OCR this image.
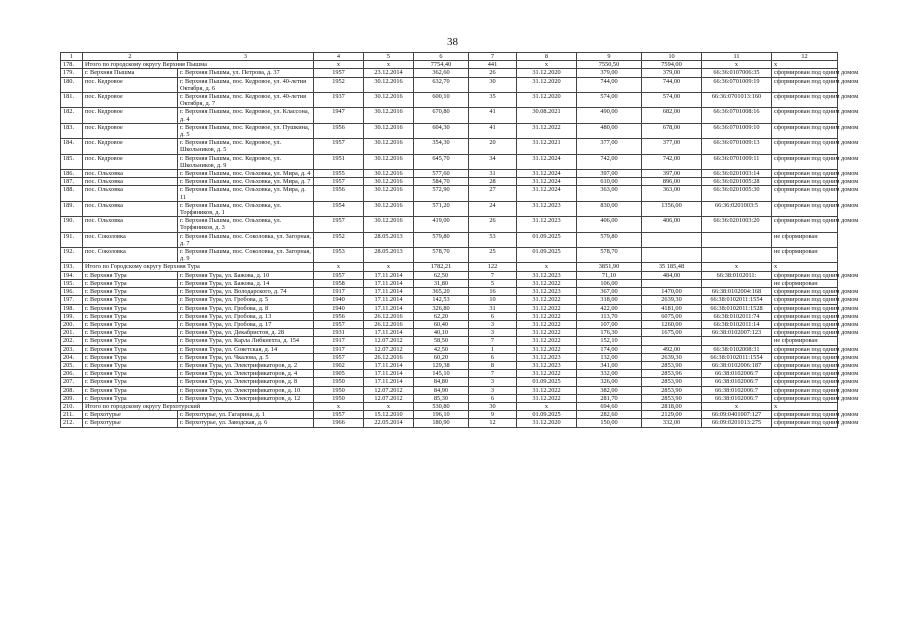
38
1	2	3	4	5	6	7	8	9	10	11	12
178.	Итого по городскому округу Верхняя Пышма		х	х	7754,40	441	х	7550,50	7594,00	х	х
179.	г. Верхняя Пышма	г. Верхняя Пышма, ул. Петрова, д. 37	1957	23.12.2014	362,60	26	31.12.2020	379,00	379,00	66:36:0107006:35	сформирован под одним домом
180.	пос. Кедровое	г. Верхняя Пышма, пос. Кедровое, ул. 40-летия Октября, д. 6	1952	30.12.2016	632,70	30	31.12.2020	744,00	744,00	66:36:0701009:19	сформирован под одним домом
181.	пос. Кедровое	г. Верхняя Пышма, пос. Кедровое, ул. 40-летия Октября, д. 7	1937	30.12.2016	600,10	35	31.12.2020	574,00	574,00	66:36:0701013:160	сформирован под одним домом
182.	пос. Кедровое	г. Верхняя Пышма, пос. Кедровое, ул. Классона, д. 4	1947	30.12.2016	670,80	41	30.08.2021	490,00	682,00	66:36:0701008:16	сформирован под одним домом
183.	пос. Кедровое	г. Верхняя Пышма, пос. Кедровое, ул. Пушкина, д. 5	1956	30.12.2016	604,30	41	31.12.2022	480,00	678,00	66:36:0701009:10	сформирован под одним домом
184.	пос. Кедровое	г. Верхняя Пышма, пос. Кедровое, ул. Школьников, д. 5	1957	30.12.2016	354,30	20	31.12.2021	377,00	377,00	66:36:0701009:13	сформирован под одним домом
185.	пос. Кедровое	г. Верхняя Пышма, пос. Кедровое, ул. Школьников, д. 9	1951	30.12.2016	645,70	34	31.12.2024	742,00	742,00	66:36:0701009:11	сформирован под одним домом
186.	пос. Ольховка	г. Верхняя Пышма, пос. Ольховка, ул. Мира, д. 4	1955	30.12.2016	577,60	31	31.12.2024	397,00	397,00	66:36:0201003:14	сформирован под одним домом
187.	пос. Ольховка	г. Верхняя Пышма, пос. Ольховка, ул. Мира, д. 7	1957	30.12.2016	584,70	28	31.12.2024	610,00	896,00	66:36:0201005:28	сформирован под одним домом
188.	пос. Ольховка	г. Верхняя Пышма, пос. Ольховка, ул. Мира, д. 11	1956	30.12.2016	572,90	27	31.12.2024	363,00	363,00	66:36:0201005:30	сформирован под одним домом
189.	пос. Ольховка	г. Верхняя Пышма, пос. Ольховка, ул. Торфяников, д. 1	1954	30.12.2016	571,20	24	31.12.2023	830,00	1356,00	66:36:0201003:5	сформирован под одним домом
190.	пос. Ольховка	г. Верхняя Пышма, пос. Ольховка, ул. Торфяников, д. 3	1957	30.12.2016	419,00	26	31.12.2023	406,00	406,00	66:36:0201003:20	сформирован под одним домом
191.	пос. Соколовка	г. Верхняя Пышма, пос. Соколовка, ул. Загорная, д. 7	1952	28.05.2013	579,80	53	01.09.2025	579,80			не сформирован
192.	пос. Соколовка	г. Верхняя Пышма, пос. Соколовка, ул. Загорная, д. 9	1953	28.05.2013	578,70	25	01.09.2025	578,70			не сформирован
193.	Итого по Городскому округу Верхняя Тура		х	х	1782,21	122	х	3851,90	35 185,48	х	х
194.	г. Верхняя Тура	г. Верхняя Тура, ул. Бажова, д. 10	1957	17.11.2014	62,50	7	31.12.2023	71,10	484,00	66:38:0102011:	сформирован под одним домом
195.	г. Верхняя Тура	г. Верхняя Тура, ул. Бажова, д. 14	1958	17.11.2014	31,80	5	31.12.2022	106,00			не сформирован
196.	г. Верхняя Тура	г. Верхняя Тура, ул. Володарского, д. 74	1917	17.11.2014	365,20	16	31.12.2023	367,00	1470,00	66:38:0102004:168	сформирован под одним домом
197.	г. Верхняя Тура	г. Верхняя Тура, ул. Гробова, д. 5	1940	17.11.2014	142,53	10	31.12.2022	318,00	2639,30	66:38:0102011:1554	сформирован под одним домом
198.	г. Верхняя Тура	г. Верхняя Тура, ул. Гробова, д. 8	1940	17.11.2014	326,80	31	31.12.2022	422,00	4181,00	66:38:0102011:1528	сформирован под одним домом
199.	г. Верхняя Тура	г. Верхняя Тура, ул. Гробова, д. 13	1956	26.12.2016	62,20	6	31.12.2022	113,70	6075,00	66:38:0102011:74	сформирован под одним домом
200.	г. Верхняя Тура	г. Верхняя Тура, ул. Гробова, д. 17	1957	26.12.2016	60,40	3	31.12.2022	107,00	1260,00	66:38:0102011:14	сформирован под одним домом
201.	г. Верхняя Тура	г. Верхняя Тура, ул. Декабристов, д. 28	1931	17.11.2014	40,10	3	31.12.2022	176,30	1675,00	66:38:0102007:123	сформирован под одним домом
202.	г. Верхняя Тура	г. Верхняя Тура, ул. Карла Либкнехта, д. 154	1917	12.07.2012	58,50	7	31.12.2022	152,10			не сформирован
203.	г. Верхняя Тура	г. Верхняя Тура, ул. Советская, д. 14	1917	12.07.2012	42,50	1	31.12.2022	174,00	492,00	66:38:0102008:31	сформирован под одним домом
204.	г. Верхняя Тура	г. Верхняя Тура, ул. Чкалова, д. 5	1957	26.12.2016	60,20	6	31.12.2023	132,00	2639,30	66:38:0102011:1554	сформирован под одним домом
205.	г. Верхняя Тура	г. Верхняя Тура, ул. Электрификаторов, д. 2	1902	17.11.2014	129,38	8	31.12.2023	341,00	2853,90	66:38:0102006:187	сформирован под одним домом
206.	г. Верхняя Тура	г. Верхняя Тура, ул. Электрификаторов, д. 4	1905	17.11.2014	145,10	7	31.12.2022	332,00	2853,96	66:38:0102006:7	сформирован под одним домом
207.	г. Верхняя Тура	г. Верхняя Тура, ул. Электрификаторов, д. 8	1950	17.11.2014	84,80	3	01.09.2025	326,00	2853,90	66:38:0102006:7	сформирован под одним домом
208.	г. Верхняя Тура	г. Верхняя Тура, ул. Электрификаторов, д. 10	1950	12.07.2012	84,90	3	31.12.2022	382,00	2853,90	66:38:0102006:7	сформирован под одним домом
209.	г. Верхняя Тура	г. Верхняя Тура, ул. Электрификаторов, д. 12	1950	12.07.2012	85,30	6	31.12.2022	281,70	2853,90	66:38:0102006:7	сформирован под одним домом
210.	Итого по городскому округу Верхотурский		х	х	530,80	30	х	694,60	2818,00	х	х
211.	г. Верхотурье	г. Верхотурье, ул. Гагарина, д. 1	1957	15.12.2010	196,10	9	01.09.2025	282,60	2129,00	66:09:0401007:127	сформирован под одним домом
212.	г. Верхотурье	г. Верхотурье, ул. Заводская, д. 6	1966	22.05.2014	180,90	12	31.12.2020	150,00	332,00	66:09:0201013:275	сформирован под одним домом
